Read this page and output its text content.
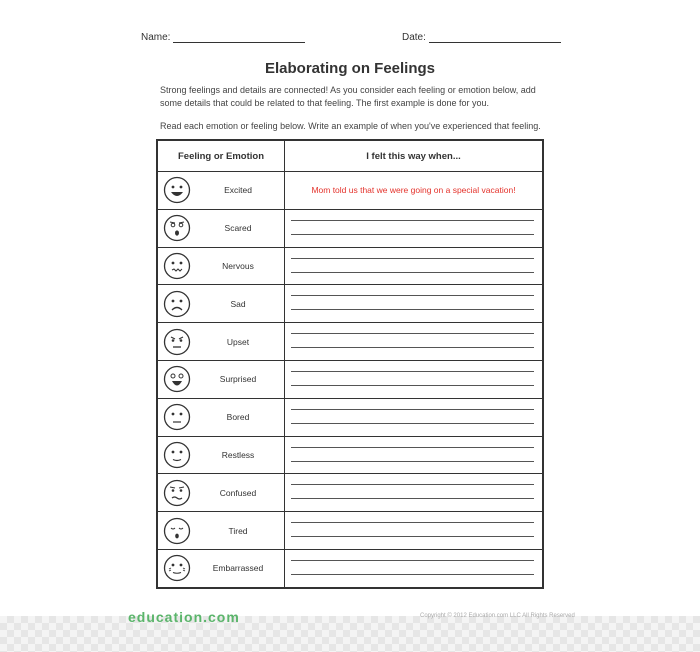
Name:	Date:
Elaborating on Feelings
Strong feelings and details are connected! As you consider each feeling or emotion below, add some details that could be related to that feeling. The first example is done for you.
Read each emotion or feeling below. Write an example of when you've experienced that feeling.
Feeling or Emotion	I felt this way when...

Excited	Mom told us that we were going on a special vacation!

Scared	

Nervous	

Sad	

Upset	

Surprised	

Bored	

Restless	

Confused	

Tired	

Embarrassed	

education.com	Copyright © 2012 Education.com LLC All Rights Reserved
